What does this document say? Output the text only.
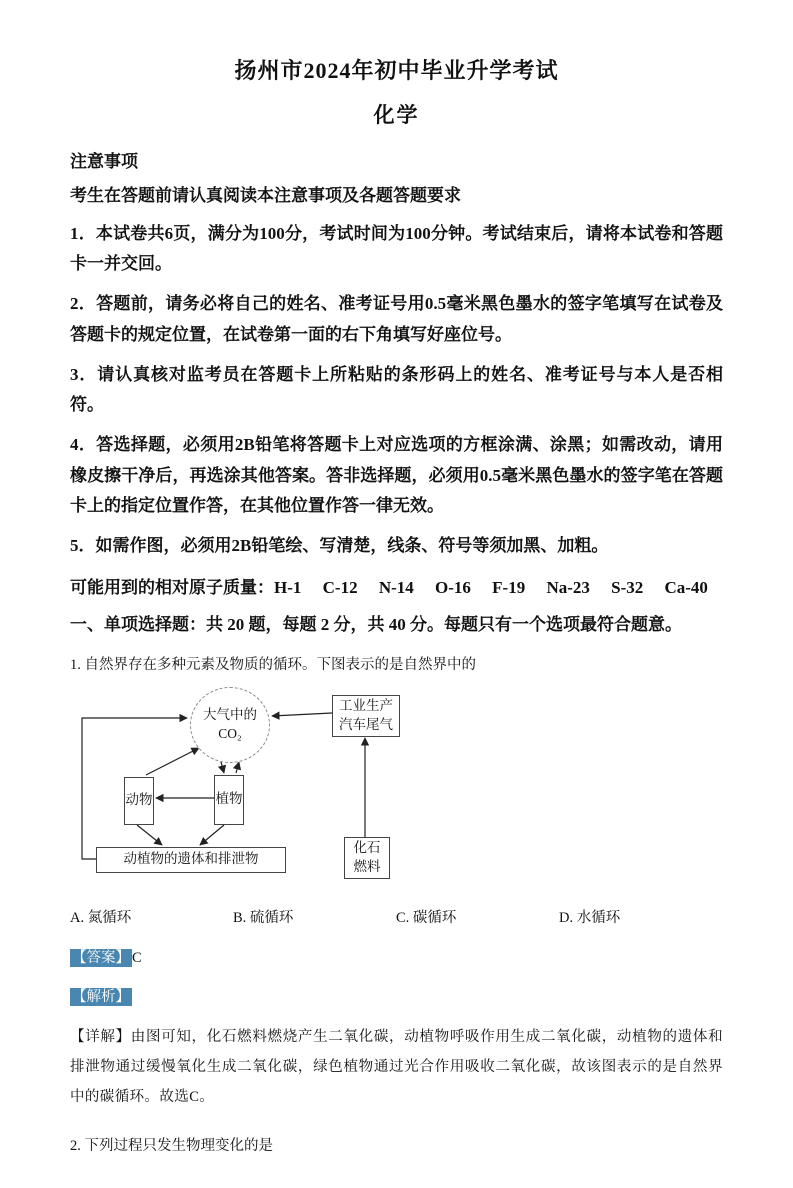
扬州市2024年初中毕业升学考试
化学

注意事项

考生在答题前请认真阅读本注意事项及各题答题要求

1．本试卷共6页，满分为100分，考试时间为100分钟。考试结束后，请将本试卷和答题卡一并交回。

2．答题前，请务必将自己的姓名、准考证号用0.5毫米黑色墨水的签字笔填写在试卷及答题卡的规定位置，在试卷第一面的右下角填写好座位号。

3．请认真核对监考员在答题卡上所粘贴的条形码上的姓名、准考证号与本人是否相符。

4．答选择题，必须用2B铅笔将答题卡上对应选项的方框涂满、涂黑；如需改动，请用橡皮擦干净后，再选涂其他答案。答非选择题，必须用0.5毫米黑色墨水的签字笔在答题卡上的指定位置作答，在其他位置作答一律无效。

5．如需作图，必须用2B铅笔绘、写清楚，线条、符号等须加黑、加粗。

可能用到的相对原子质量：H-1 C-12 N-14 O-16 F-19 Na-23 S-32 Ca-40

一、单项选择题：共 20 题，每题 2 分，共 40 分。每题只有一个选项最符合题意。

1. 自然界存在多种元素及物质的循环。下图表示的是自然界中的

大气中的CO₂
工业生产汽车尾气
动物	植物
动植物的遗体和排泄物
化石燃料

A. 氮循环	B. 硫循环	C. 碳循环	D. 水循环

【答案】 C

【解析】

【详解】由图可知，化石燃料燃烧产生二氧化碳，动植物呼吸作用生成二氧化碳，动植物的遗体和排泄物通过缓慢氧化生成二氧化碳，绿色植物通过光合作用吸收二氧化碳，故该图表示的是自然界中的碳循环。故选C。

2. 下列过程只发生物理变化的是
